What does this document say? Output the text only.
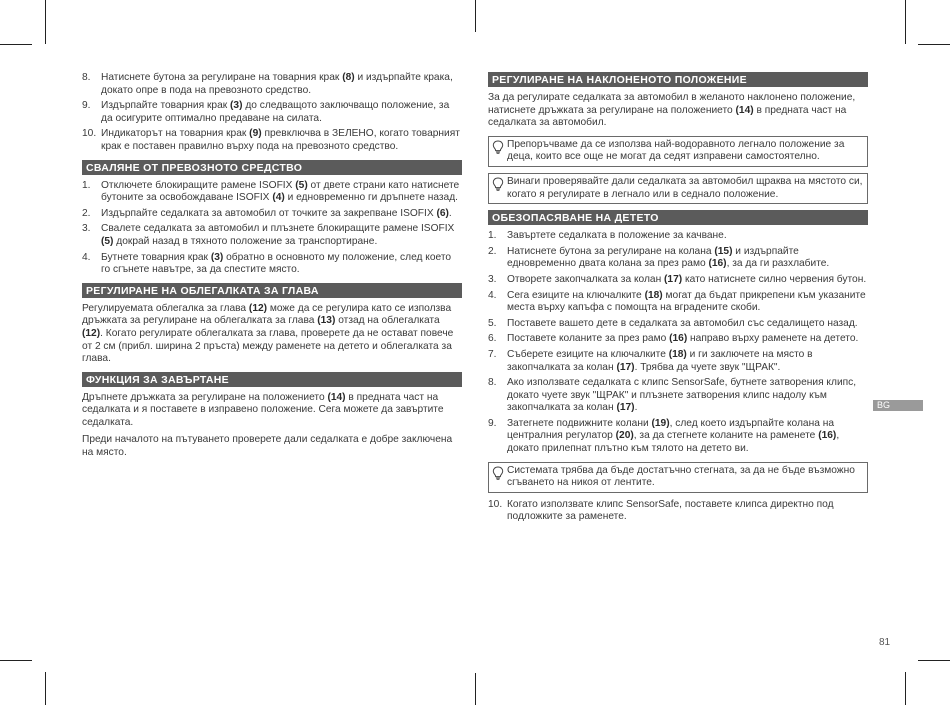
8.	Натиснете бутона за регулиране на товарния крак (8) и издърпайте крака, докато опре в пода на превозното средство.
9.	Издърпайте товарния крак (3) до следващото заключващо положение, за да осигурите оптимално предаване на силата.
10. Индикаторът на товарния крак (9) превключва в ЗЕЛЕНО, когато товарният крак е поставен правилно върху пода на превозното средство.
СВАЛЯНЕ ОТ ПРЕВОЗНОТО СРЕДСТВО
1.	Отключете блокиращите рамене ISOFIX (5) от двете страни като натиснете бутоните за освобождаване ISOFIX (4) и едновременно ги дръпнете назад.
2.	Издърпайте седалката за автомобил от точките за закрепване ISOFIX (6).
3.	Свалете седалката за автомобил и плъзнете блокиращите рамене ISOFIX (5) докрай назад в тяхното положение за транспортиране.
4.	Бутнете товарния крак (3) обратно в основното му положение, след което го сгънете навътре, за да спестите място.
РЕГУЛИРАНЕ НА ОБЛЕГАЛКАТА ЗА ГЛАВА
Регулируемата облегалка за глава (12) може да се регулира като се използва дръжката за регулиране на облегалката за глава (13) отзад на облегалката (12). Когато регулирате облегалката за глава, проверете да не остават повече от 2 см (прибл. ширина 2 пръста) между раменете на детето и облегалката за глава.
ФУНКЦИЯ ЗА ЗАВЪРТАНЕ
Дръпнете дръжката за регулиране на положението (14) в предната част на седалката и я поставете в изправено положение. Сега можете да завъртите седалката.
Преди началото на пътуването проверете дали седалката е добре заключена на място.
РЕГУЛИРАНЕ НА НАКЛОНЕНОТО ПОЛОЖЕНИЕ
За да регулирате седалката за автомобил в желаното наклонено положение, натиснете дръжката за регулиране на положението (14) в предната част на седалката за автомобил.
Препоръчваме да се използва най-водоравното легнало положение за деца, които все още не могат да седят изправени самостоятелно.
Винаги проверявайте дали седалката за автомобил щраква на мястото си, когато я регулирате в легнало или в седнало положение.
ОБЕЗОПАСЯВАНЕ НА ДЕТЕТО
1.	Завъртете седалката в положение за качване.
2.	Натиснете бутона за регулиране на колана (15) и издърпайте едновременно двата колана за през рамо (16), за да ги разхлабите.
3.	Отворете закопчалката за колан (17) като натиснете силно червения бутон.
4.	Сега езиците на ключалките (18) могат да бъдат прикрепени към указаните места върху капъфа с помощта на вградените скоби.
5.	Поставете вашето дете в седалката за автомобил със седалището назад.
6.	Поставете коланите за през рамо (16) направо върху раменете на детето.
7.	Съберете езиците на ключалките (18) и ги заключете на място в закопчалката за колан (17). Трябва да чуете звук "ЩРАК".
8.	Ако използвате седалката с клипс SensorSafe, бутнете затворения клипс, докато чуете звук "ЩРАК" и плъзнете затворения клипс надолу към закопчалката за колан (17).
9.	Затегнете подвижните колани (19), след което издърпайте колана на централния регулатор (20), за да стегнете коланите на раменете (16), докато прилепнат плътно към тялото на детето ви.
Системата трябва да бъде достатъчно стегната, за да не бъде възможно сгъването на никоя от лентите.
10. Когато използвате клипс SensorSafe, поставете клипса директно под подложките за раменете.
BG
81
